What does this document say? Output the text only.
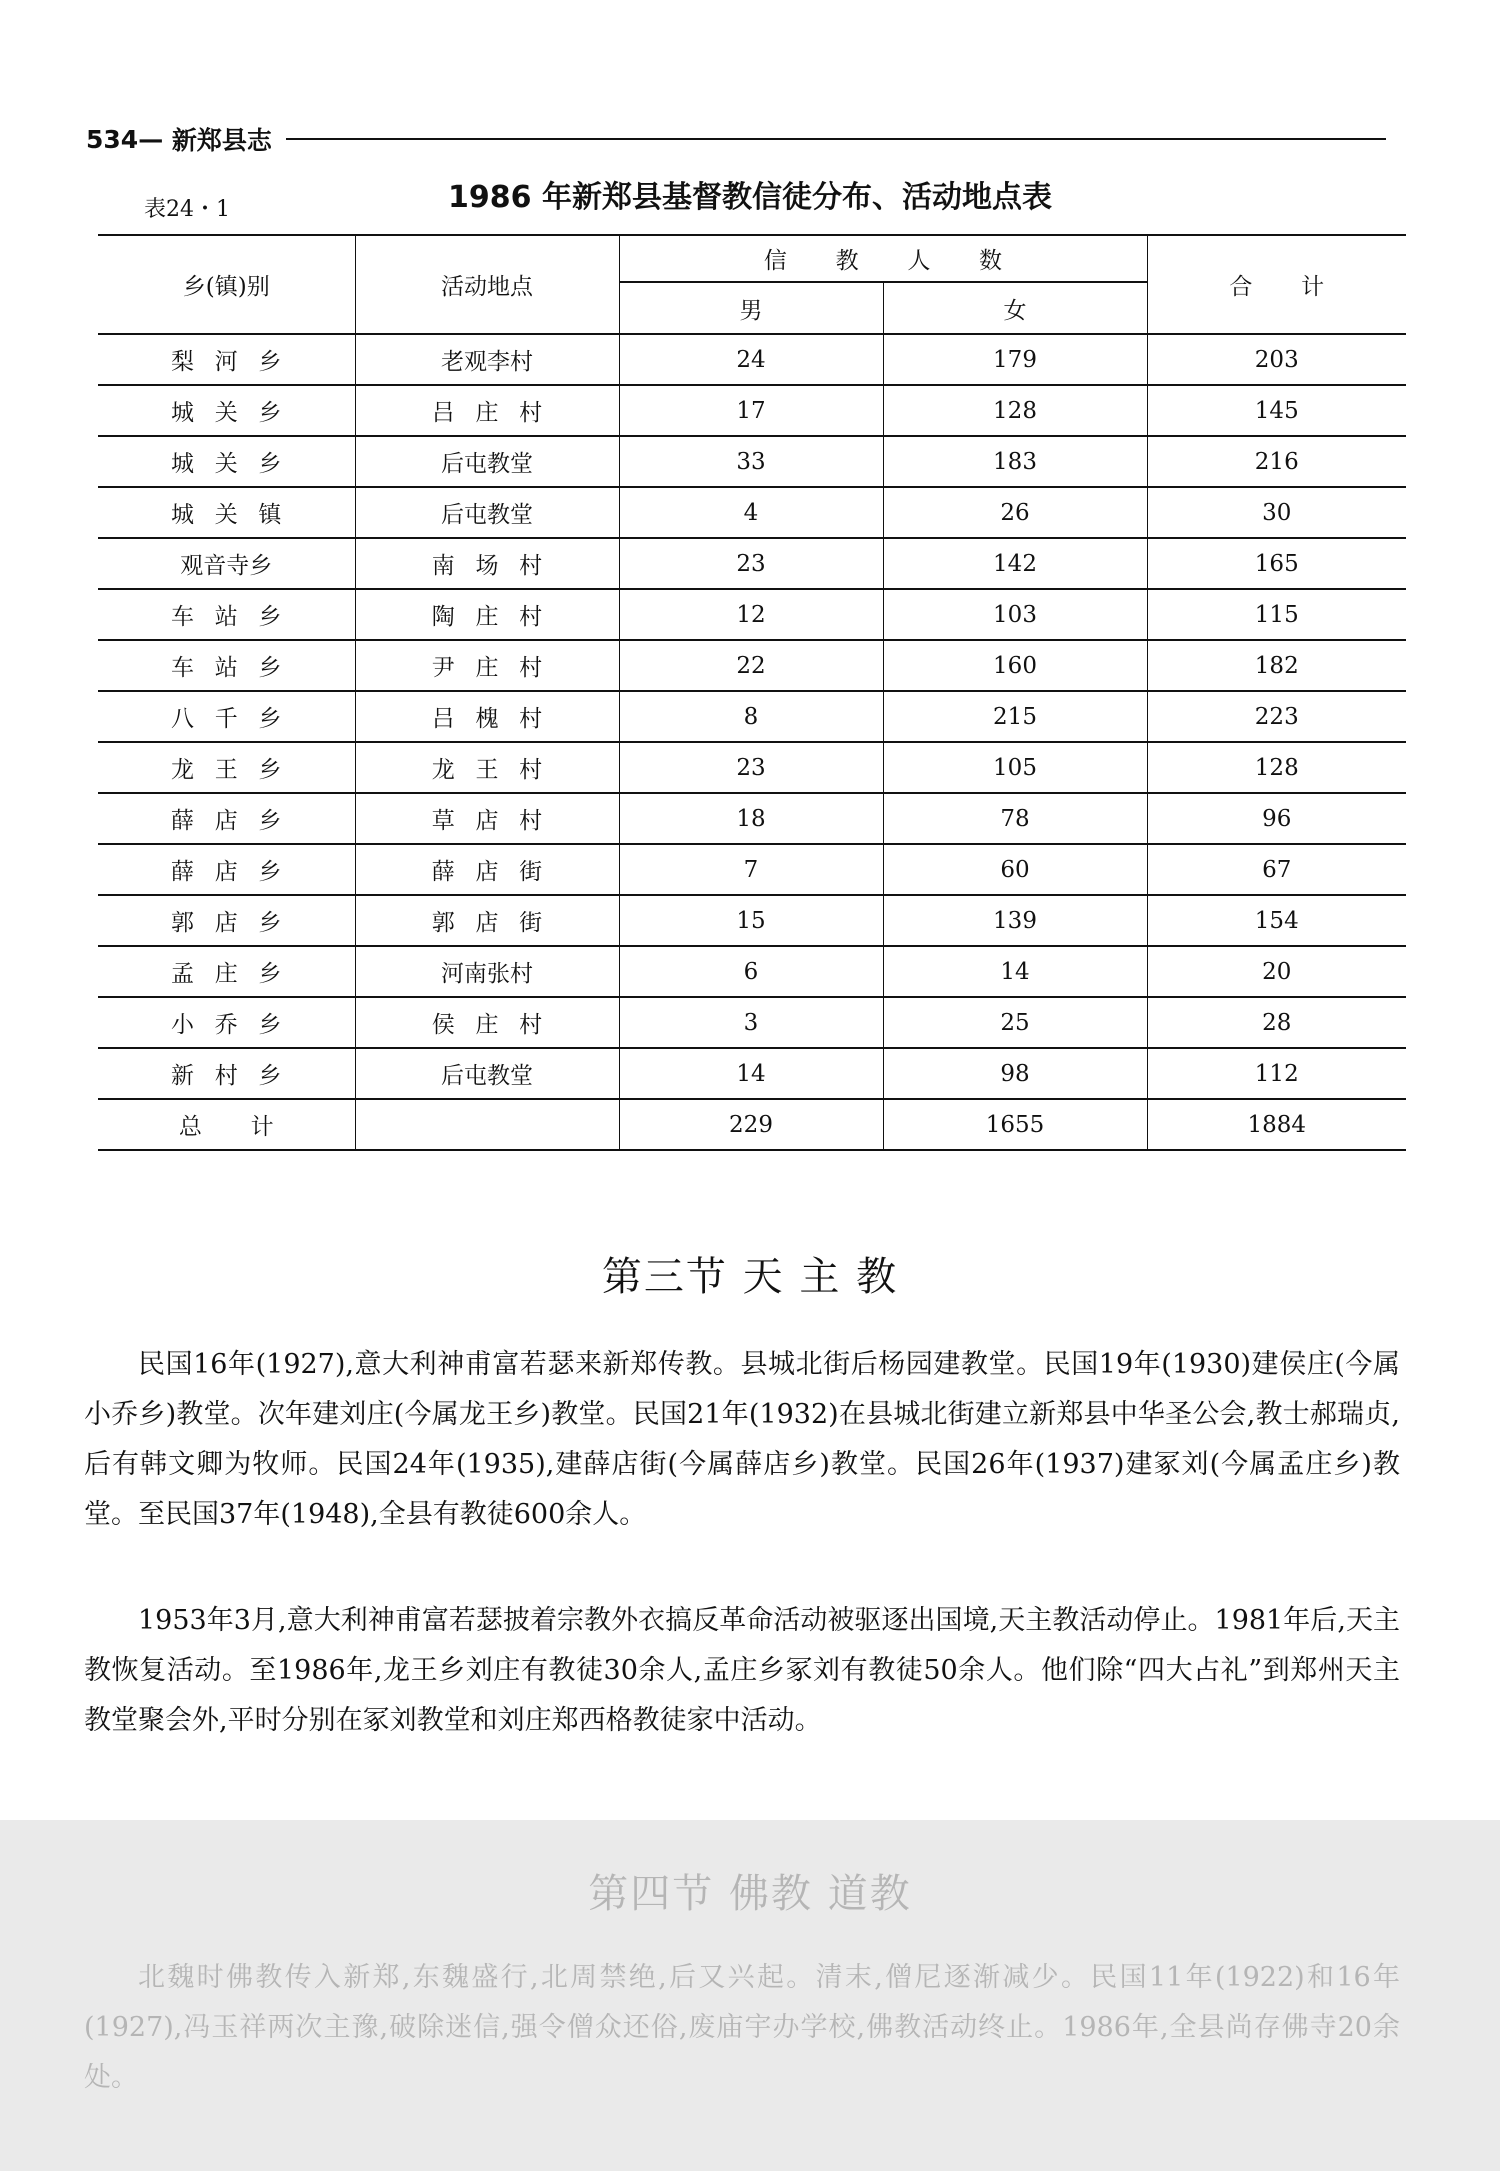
534 — 新郑县志
表24・1	1986 年新郑县基督教信徒分布、活动地点表
乡(镇)别	活动地点	信 教 人 数		合 计
		男	女	
梨河乡	老观李村	24	179	203
城关乡	吕庄村	17	128	145
城关乡	后屯教堂	33	183	216
城关镇	后屯教堂	4	26	30
观音寺乡	南场村	23	142	165
车站乡	陶庄村	12	103	115
车站乡	尹庄村	22	160	182
八千乡	吕槐村	8	215	223
龙王乡	龙王村	23	105	128
薛店乡	草店村	18	78	96
薛店乡	薛店街	7	60	67
郭店乡	郭店街	15	139	154
孟庄乡	河南张村	6	14	20
小乔乡	侯庄村	3	25	28
新村乡	后屯教堂	14	98	112
总 计		229	1655	1884
第三节 天 主 教

民国16年(1927),意大利神甫富若瑟来新郑传教。县城北街后杨园建教堂。民国19年(1930)建侯庄(今属小乔乡)教堂。次年建刘庄(今属龙王乡)教堂。民国21年(1932)在县城北街建立新郑县中华圣公会,教士郝瑞贞,后有韩文卿为牧师。民国24年(1935),建薛店街(今属薛店乡)教堂。民国26年(1937)建冢刘(今属孟庄乡)教堂。至民国37年(1948),全县有教徒600余人。

1953年3月,意大利神甫富若瑟披着宗教外衣搞反革命活动被驱逐出国境,天主教活动停止。1981年后,天主教恢复活动。至1986年,龙王乡刘庄有教徒30余人,孟庄乡冢刘有教徒50余人。他们除“四大占礼”到郑州天主教堂聚会外,平时分别在冢刘教堂和刘庄郑西格教徒家中活动。

第四节 佛教 道教

北魏时佛教传入新郑,东魏盛行,北周禁绝,后又兴起。清末,僧尼逐渐减少。民国11年(1922)和16年(1927),冯玉祥两次主豫,破除迷信,强令僧众还俗,废庙宇办学校,佛教活动终止。1986年,全县尚存佛寺20余处。
